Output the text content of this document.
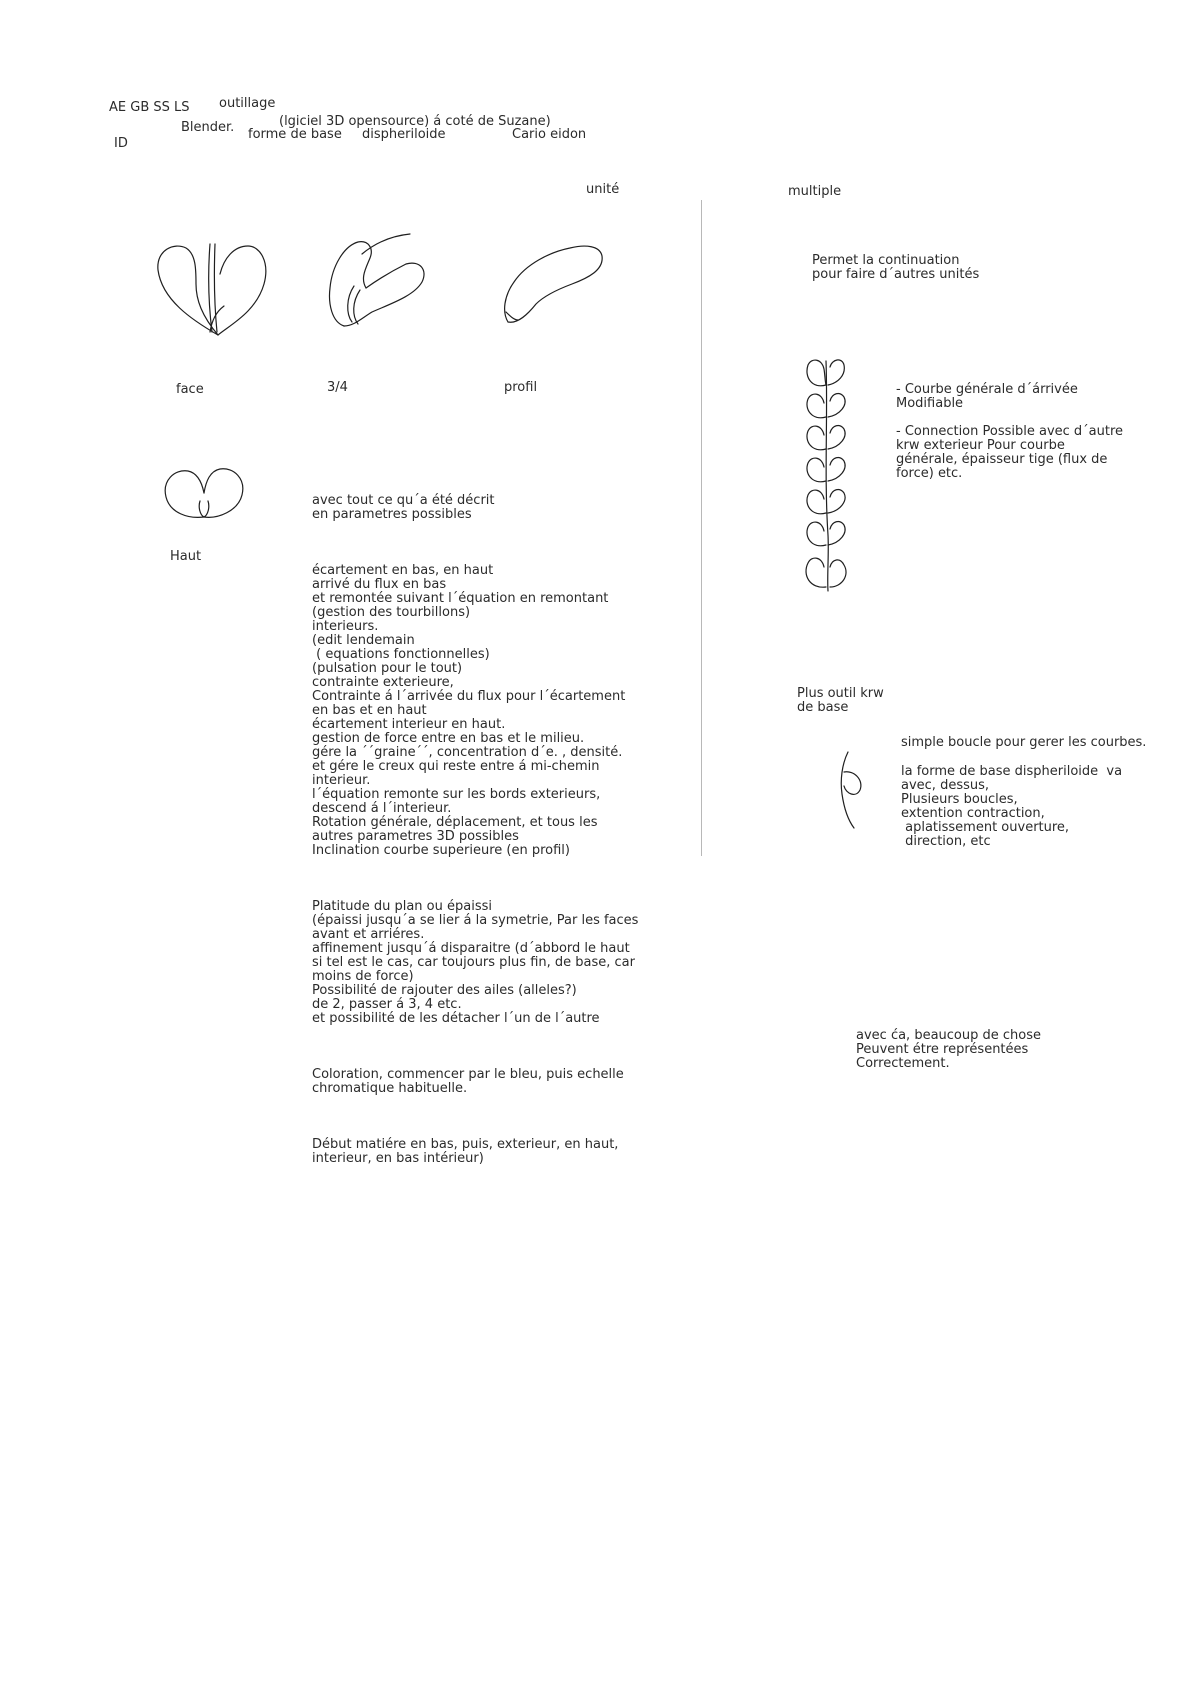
AE GB SS LS outillage
ID
Blender.	(lgiciel 3D opensource) á coté de Suzane)
forme de base dispheriloide	Cario eidon
unité	multiple
face	3/4	profil
Haut

avec tout ce qu´a été décrit
en parametres possibles

écartement en bas, en haut
arrivé du flux en bas
et remontée suivant l´équation en remontant
(gestion des tourbillons)
interieurs.
(edit lendemain
( equations fonctionnelles)
(pulsation pour le tout)
contrainte exterieure,
Contrainte á l´arrivée du flux pour l´écartement
en bas et en haut
écartement interieur en haut.
gestion de force entre en bas et le milieu.
gére la ´´graine´´, concentration d´e. , densité.
et gére le creux qui reste entre á mi-chemin
interieur.
l´équation remonte sur les bords exterieurs,
descend á l´interieur.
Rotation générale, déplacement, et tous les
autres parametres 3D possibles
Inclination courbe superieure (en profil)

Platitude du plan ou épaissi
(épaissi jusqu´a se lier á la symetrie, Par les faces
avant et arriéres.
affinement jusqu´á disparaitre (d´abbord le haut
si tel est le cas, car toujours plus fin, de base, car
moins de force)
Possibilité de rajouter des ailes (alleles?)
de 2, passer á 3, 4 etc.
et possibilité de les détacher l´un de l´autre

Coloration, commencer par le bleu, puis echelle
chromatique habituelle.

Début matiére en bas, puis, exterieur, en haut,
interieur, en bas intérieur)

Permet la continuation
pour faire d´autres unités
- Courbe générale d´árrivée
Modifiable
- Connection Possible avec d´autre
krw exterieur Pour courbe
générale, épaisseur tige (flux de
force) etc.
Plus outil krw
de base
simple boucle pour gerer les courbes.
la forme de base dispheriloide  va
avec, dessus,
Plusieurs boucles,
extention contraction,
aplatissement ouverture,
direction, etc
avec ća, beaucoup de chose
Peuvent étre représentées
Correctement.
